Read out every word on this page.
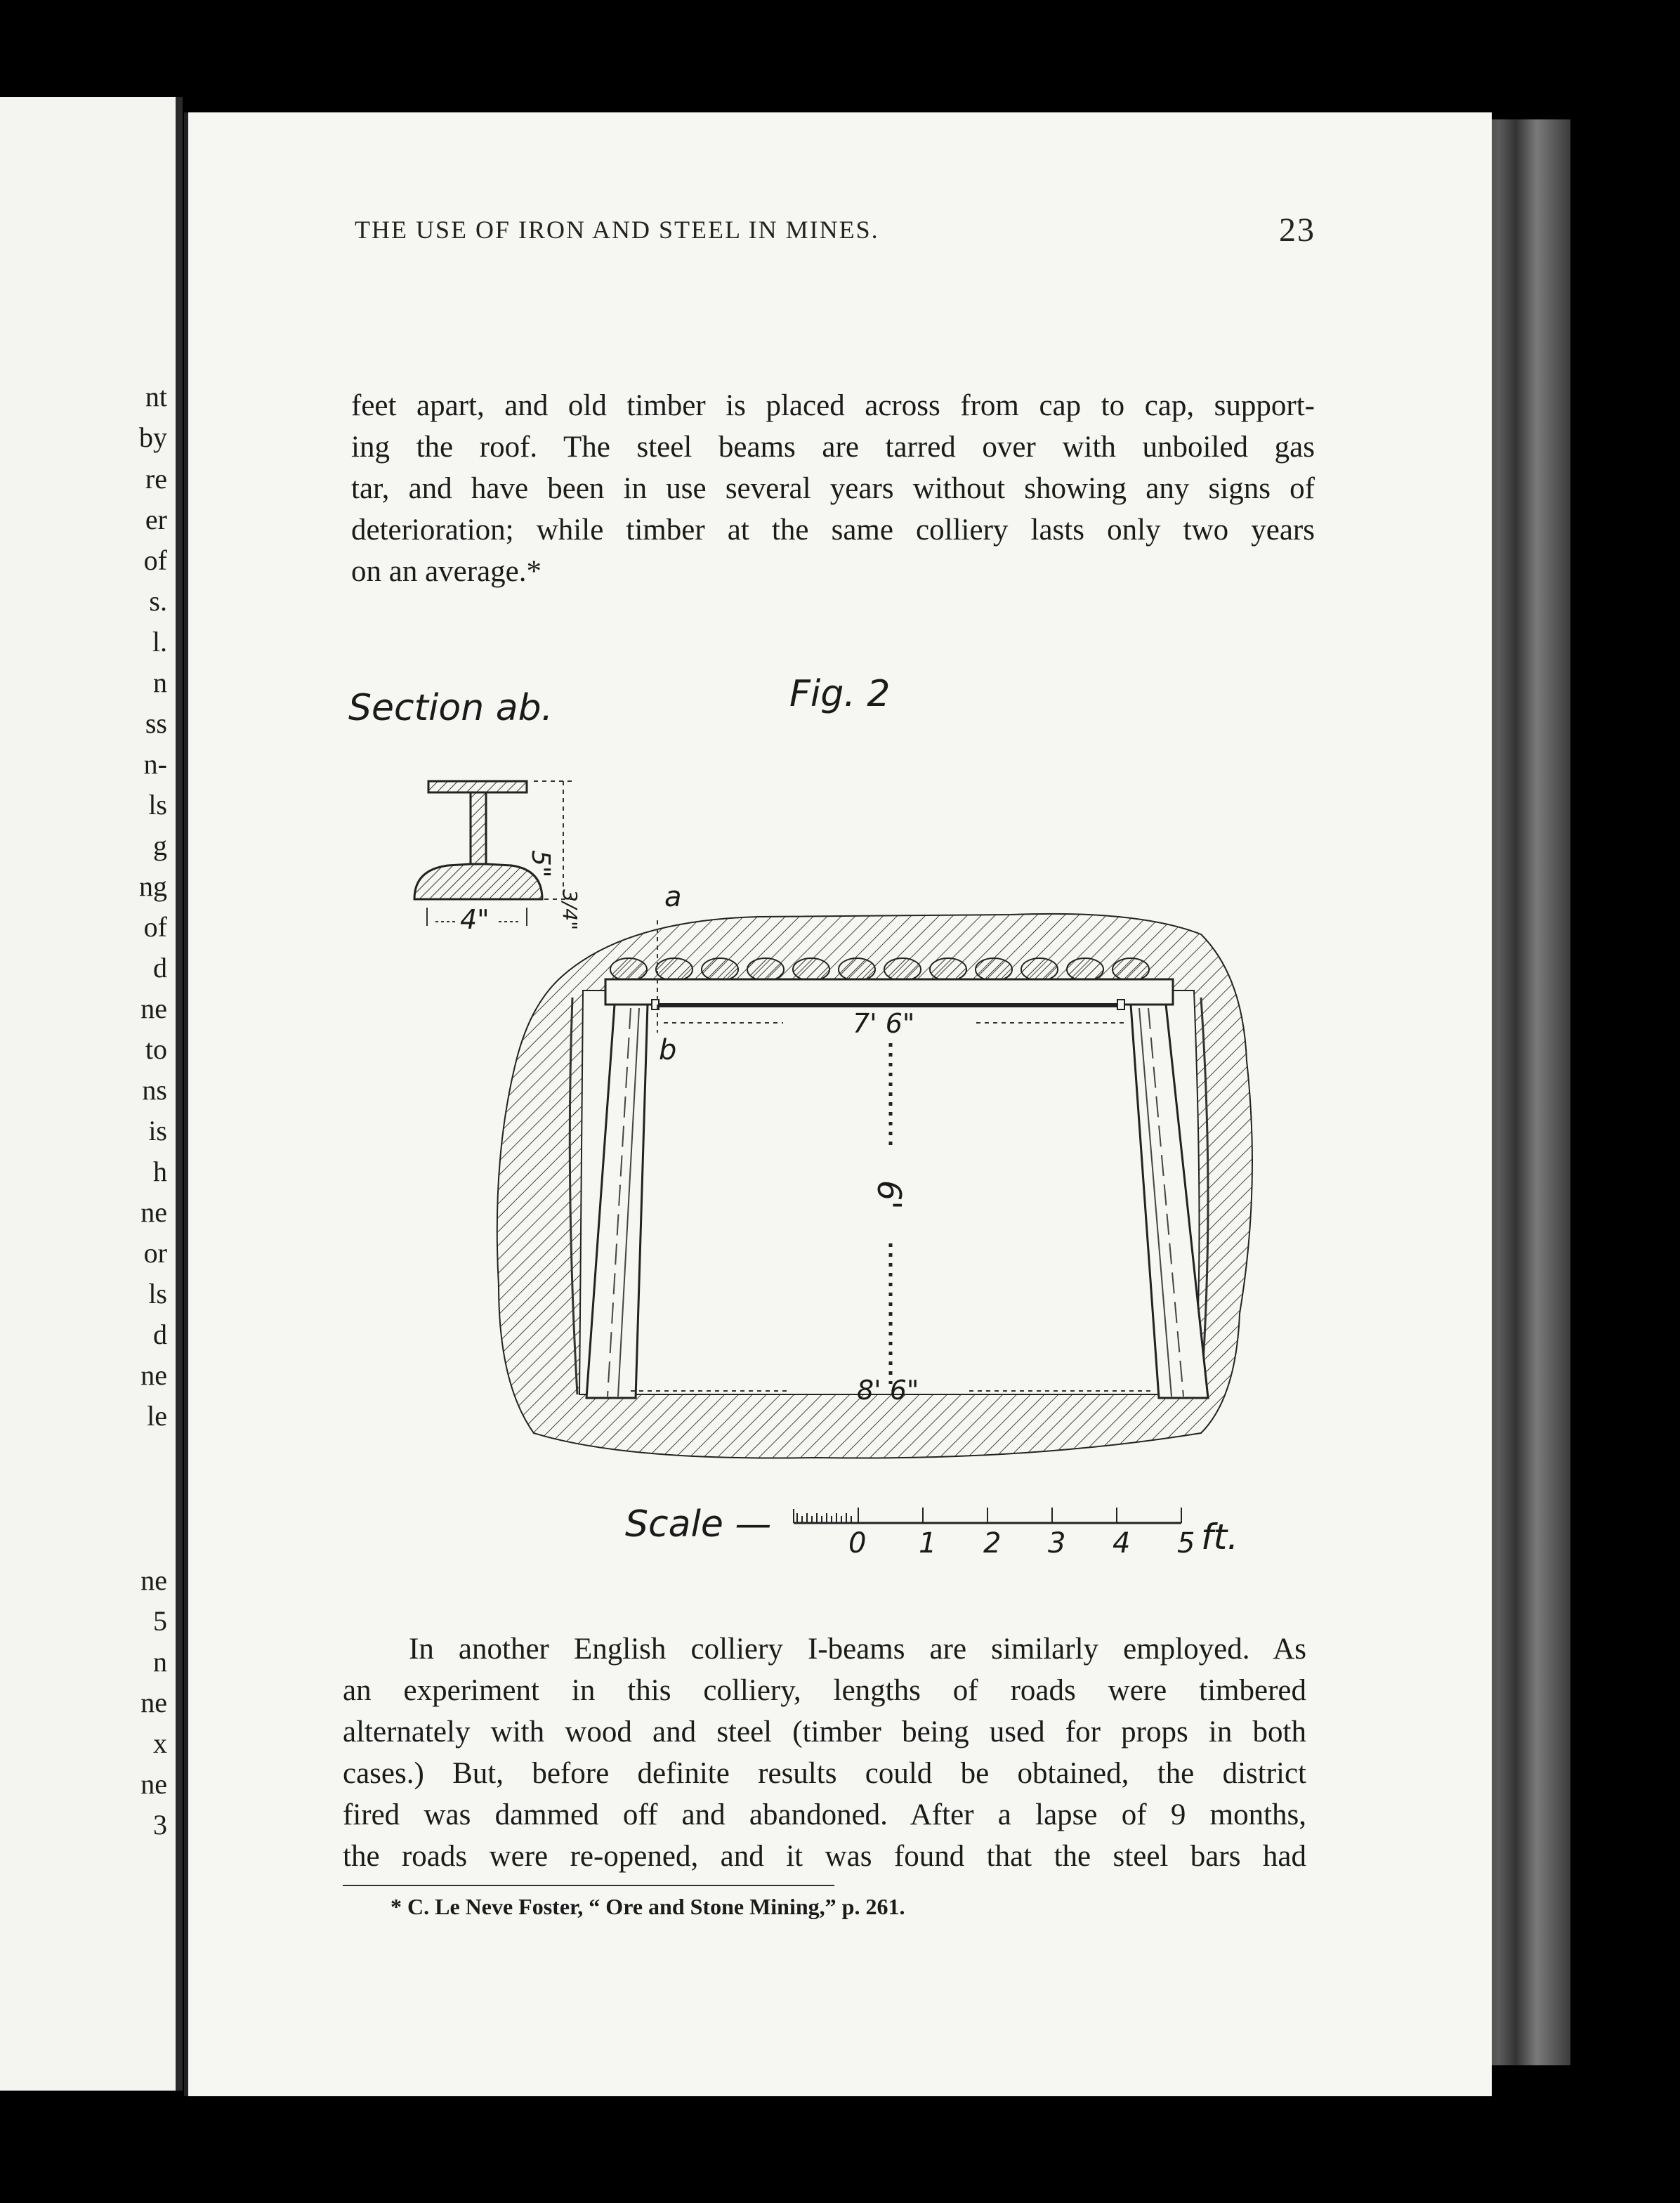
nt
by
re
er
of
s.
l.
n
ss
n-
ls
g
ng
of
d
ne
to
ns
is
h
ne
or
ls
d
ne
le
ne
5
n
ne
x
ne
3
THE USE OF IRON AND STEEL IN MINES.	23
feet apart, and old timber is placed across from cap to cap, support-
ing the roof. The steel beams are tarred over with unboiled gas
tar, and have been in use several years without showing any signs of
deterioration; while timber at the same colliery lasts only two years
on an average.*
Section ab.	Fig. 2
5"
3/4"
4"
a
b
7' 6"
6'
8' 6"
0 1 2 3 4 5 ft.
Scale —
In another English colliery I-beams are similarly employed. As
an experiment in this colliery, lengths of roads were timbered
alternately with wood and steel (timber being used for props in both
cases.) But, before definite results could be obtained, the district
fired was dammed off and abandoned. After a lapse of 9 months,
the roads were re-opened, and it was found that the steel bars had
* C. Le Neve Foster, “ Ore and Stone Mining,” p. 261.
